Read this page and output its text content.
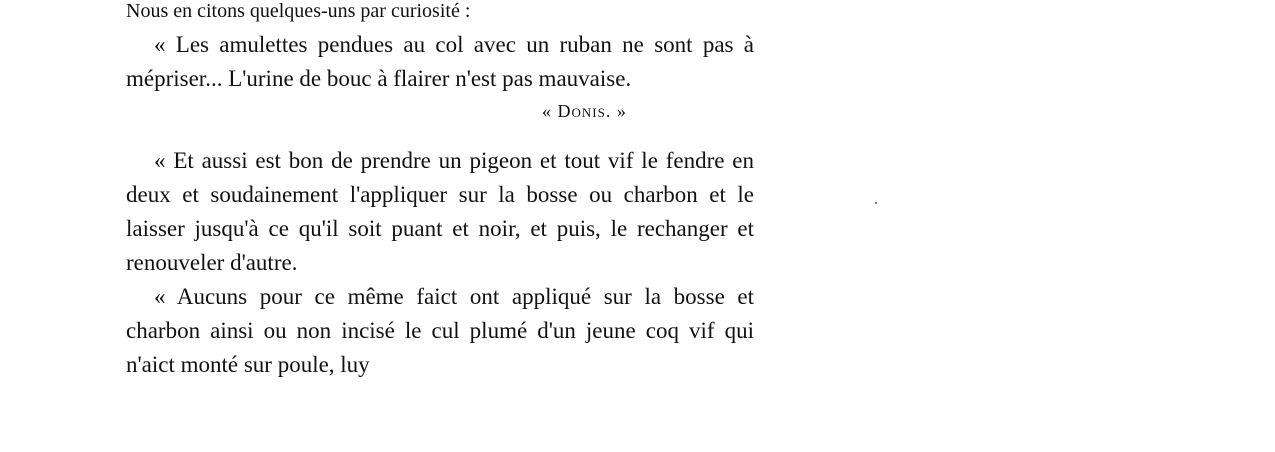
Nous en citons quelques-uns par curiosité :

« Les amulettes pendues au col avec un ruban ne sont pas à mépriser... L'urine de bouc à flairer n'est pas mauvaise.

« Donis. »

« Et aussi est bon de prendre un pigeon et tout vif le fendre en deux et soudainement l'appliquer sur la bosse ou charbon et le laisser jusqu'à ce qu'il soit puant et noir, et puis, le rechanger et renouveler d'autre.

« Aucuns pour ce même faict ont appliqué sur la bosse et charbon ainsi ou non incisé le cul plumé d'un jeune coq vif qui n'aict monté sur poule, luy
